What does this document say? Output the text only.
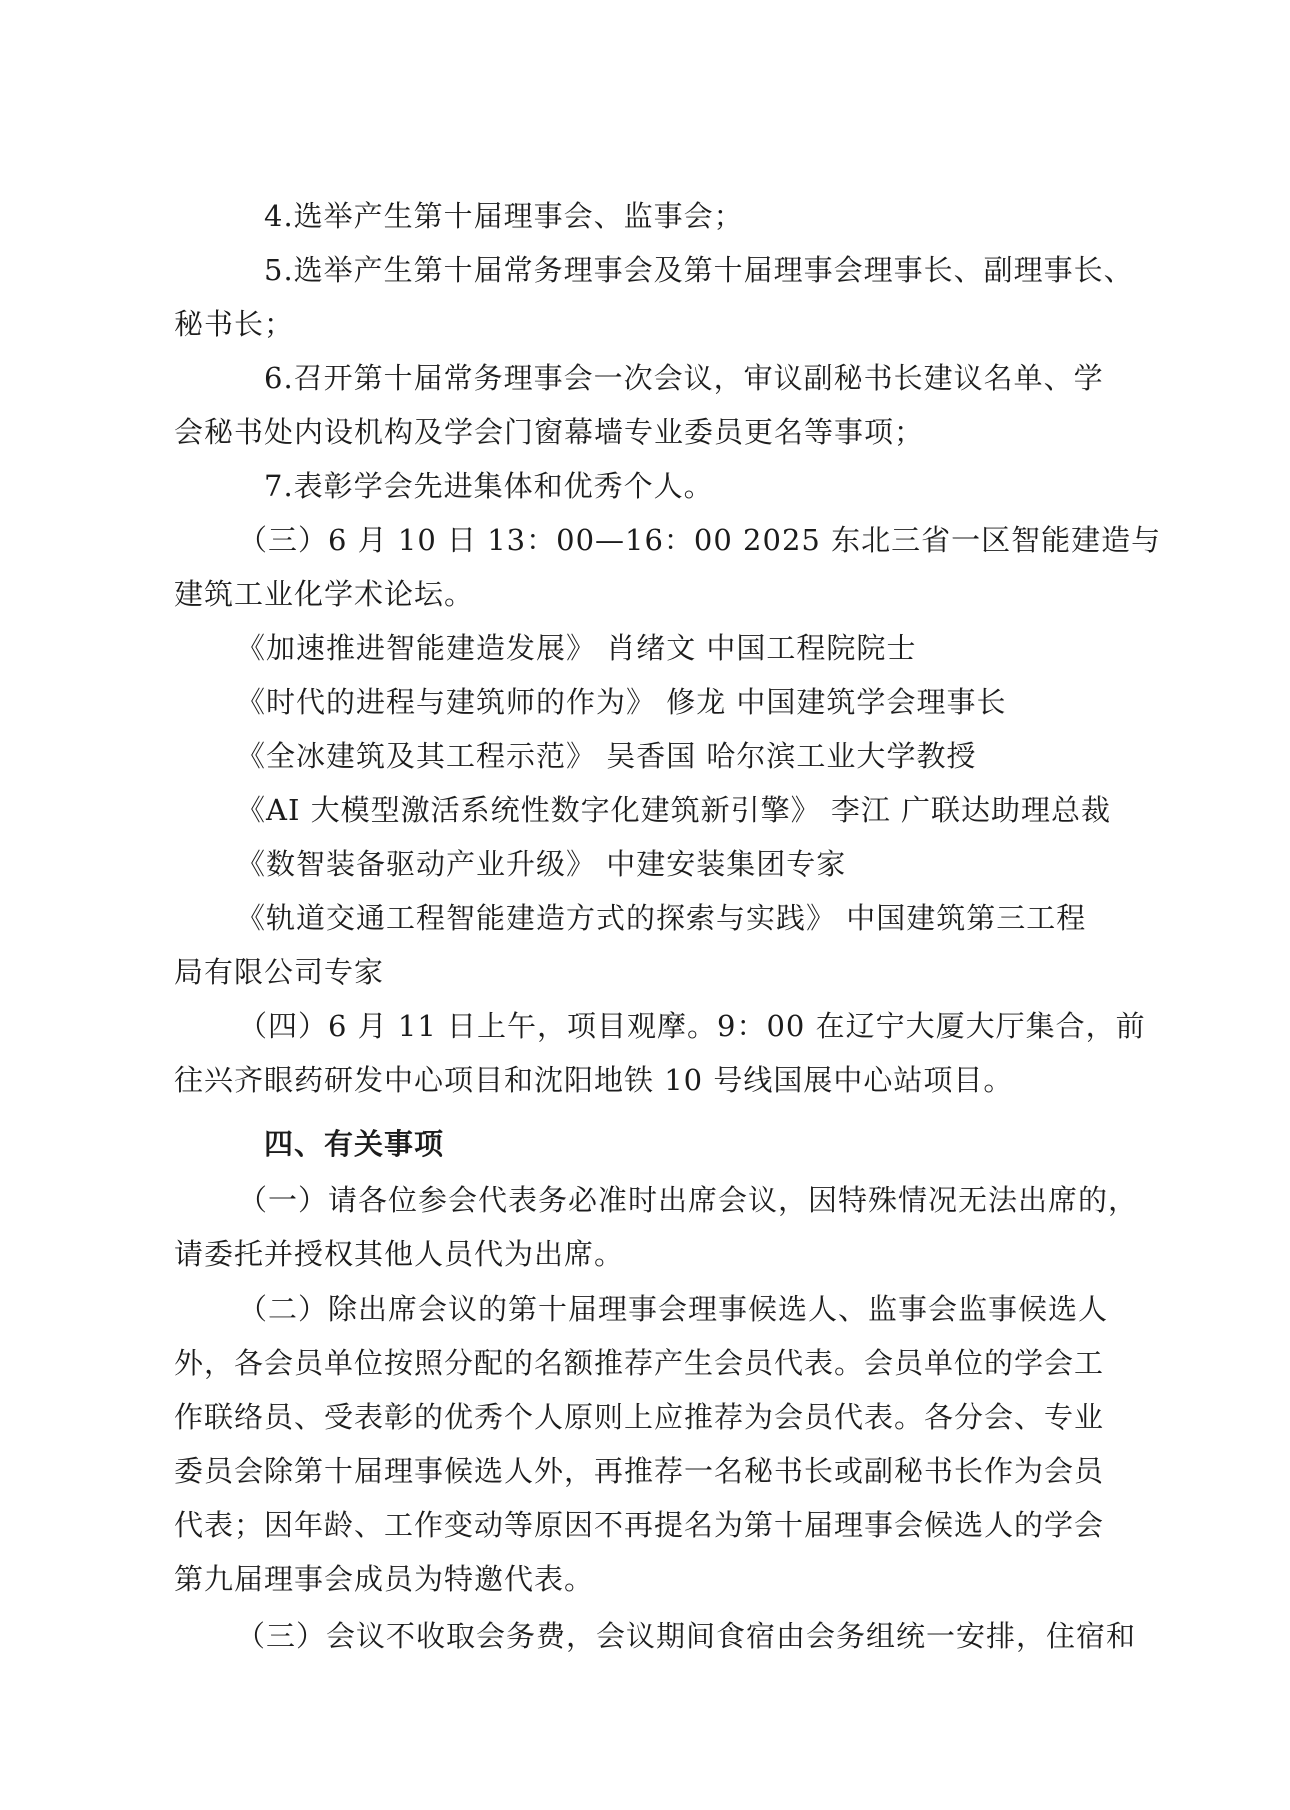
4.选举产生第十届理事会、监事会；
5.选举产生第十届常务理事会及第十届理事会理事长、副理事长、
秘书长；
6.召开第十届常务理事会一次会议，审议副秘书长建议名单、学
会秘书处内设机构及学会门窗幕墙专业委员更名等事项；
7.表彰学会先进集体和优秀个人。
（三）6 月 10 日 13：00—16：00 2025 东北三省一区智能建造与
建筑工业化学术论坛。
《加速推进智能建造发展》 肖绪文 中国工程院院士
《时代的进程与建筑师的作为》 修龙 中国建筑学会理事长
《全冰建筑及其工程示范》 吴香国 哈尔滨工业大学教授
《AI 大模型激活系统性数字化建筑新引擎》 李江 广联达助理总裁
《数智装备驱动产业升级》 中建安装集团专家
《轨道交通工程智能建造方式的探索与实践》 中国建筑第三工程
局有限公司专家
（四）6 月 11 日上午，项目观摩。9：00 在辽宁大厦大厅集合，前
往兴齐眼药研发中心项目和沈阳地铁 10 号线国展中心站项目。
四、有关事项
（一）请各位参会代表务必准时出席会议，因特殊情况无法出席的，
请委托并授权其他人员代为出席。
（二）除出席会议的第十届理事会理事候选人、监事会监事候选人
外，各会员单位按照分配的名额推荐产生会员代表。会员单位的学会工
作联络员、受表彰的优秀个人原则上应推荐为会员代表。各分会、专业
委员会除第十届理事候选人外，再推荐一名秘书长或副秘书长作为会员
代表；因年龄、工作变动等原因不再提名为第十届理事会候选人的学会
第九届理事会成员为特邀代表。
（三）会议不收取会务费，会议期间食宿由会务组统一安排，住宿和
